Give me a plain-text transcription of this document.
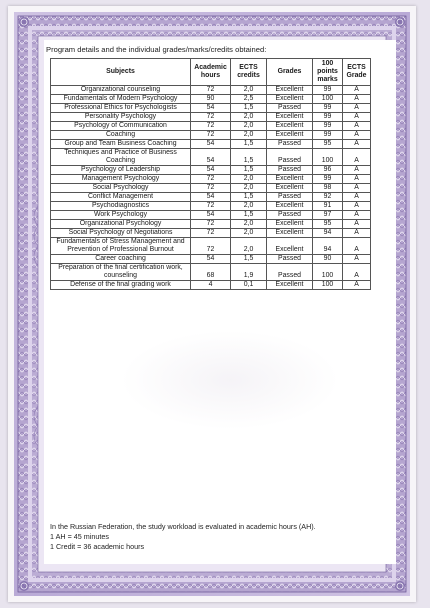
Program details and the individual grades/marks/credits obtained:
Subjects	Academic hours	ECTS credits	Grades	100 points marks	ECTS Grade
Organizational counseling	72	2,0	Excellent	99	A
Fundamentals of Modern Psychology	90	2,5	Excellent	100	A
Professional Ethics for Psychologists	54	1,5	Passed	99	A
Personality Psychology	72	2,0	Excellent	99	A
Psychology of Communication	72	2,0	Excellent	99	A
Coaching	72	2,0	Excellent	99	A
Group and Team Business Coaching	54	1,5	Passed	95	A
Techniques and Practice of Business Coaching	54	1,5	Passed	100	A
Psychology of Leadership	54	1,5	Passed	96	A
Management Psychology	72	2,0	Excellent	99	A
Social Psychology	72	2,0	Excellent	98	A
Conflict Management	54	1,5	Passed	92	A
Psychodiagnostics	72	2,0	Excellent	91	A
Work Psychology	54	1,5	Passed	97	A
Organizational Psychology	72	2,0	Excellent	95	A
Social Psychology of Negotiations	72	2,0	Excellent	94	A
Fundamentals of Stress Management and Prevention of Professional Burnout	72	2,0	Excellent	94	A
Career coaching	54	1,5	Passed	90	A
Preparation of the final certification work, counseling	68	1,9	Passed	100	A
Defense of the final grading work	4	0,1	Excellent	100	A
In the Russian Federation, the study workload is evaluated in academic hours (AH).
1 AH = 45 minutes
1 Credit = 36 academic hours
